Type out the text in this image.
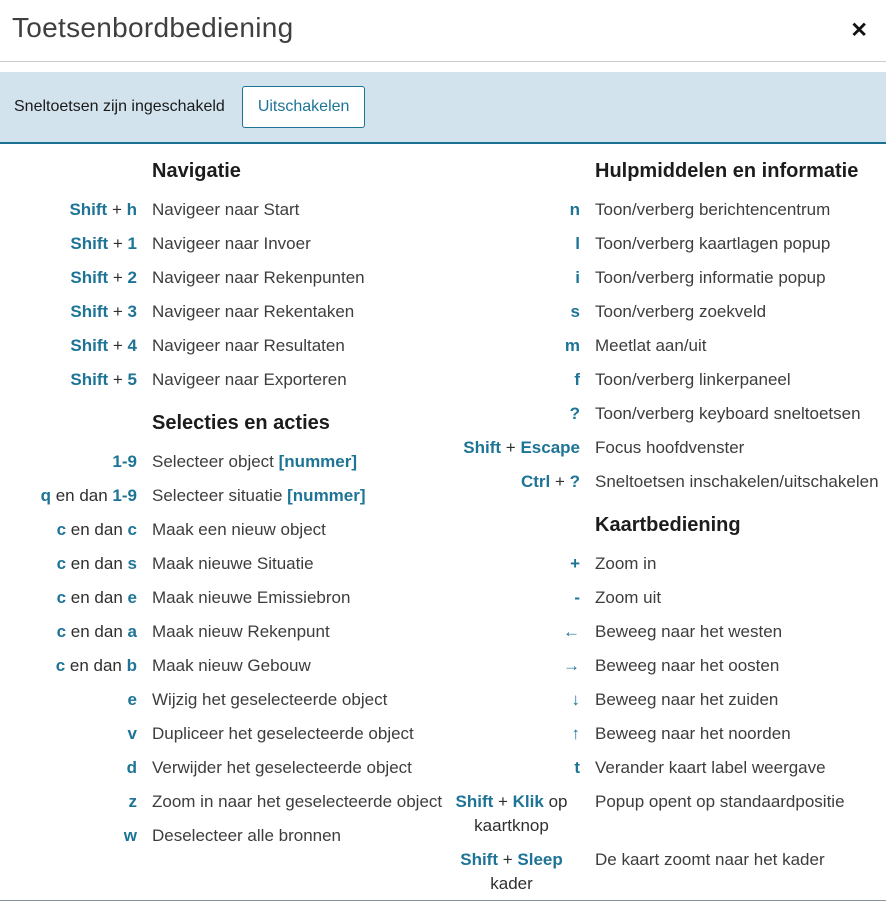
Toetsenbordbediening	✕
Sneltoetsen zijn ingeschakeld	Uitschakelen
Navigatie
Shift + h Navigeer naar Start
Shift + 1 Navigeer naar Invoer
Shift + 2 Navigeer naar Rekenpunten
Shift + 3 Navigeer naar Rekentaken
Shift + 4 Navigeer naar Resultaten
Shift + 5 Navigeer naar Exporteren
Selecties en acties
1-9 Selecteer object [nummer]
q en dan 1-9 Selecteer situatie [nummer]
c en dan c Maak een nieuw object
c en dan s Maak nieuwe Situatie
c en dan e Maak nieuwe Emissiebron
c en dan a Maak nieuw Rekenpunt
c en dan b Maak nieuw Gebouw
e Wijzig het geselecteerde object
v Dupliceer het geselecteerde object
d Verwijder het geselecteerde object
z Zoom in naar het geselecteerde object
w Deselecteer alle bronnen
Hulpmiddelen en informatie
n Toon/verberg berichtencentrum
l Toon/verberg kaartlagen popup
i Toon/verberg informatie popup
s Toon/verberg zoekveld
m Meetlat aan/uit
f Toon/verberg linkerpaneel
? Toon/verberg keyboard sneltoetsen
Shift + Escape Focus hoofdvenster
Ctrl + ? Sneltoetsen inschakelen/uitschakelen
Kaartbediening
+ Zoom in
- Zoom uit
← Beweeg naar het westen
→ Beweeg naar het oosten
↓ Beweeg naar het zuiden
↑ Beweeg naar het noorden
t Verander kaart label weergave
Shift + Klik op kaartknop
Popup opent op standaardpositie
Shift + Sleep kader
De kaart zoomt naar het kader
